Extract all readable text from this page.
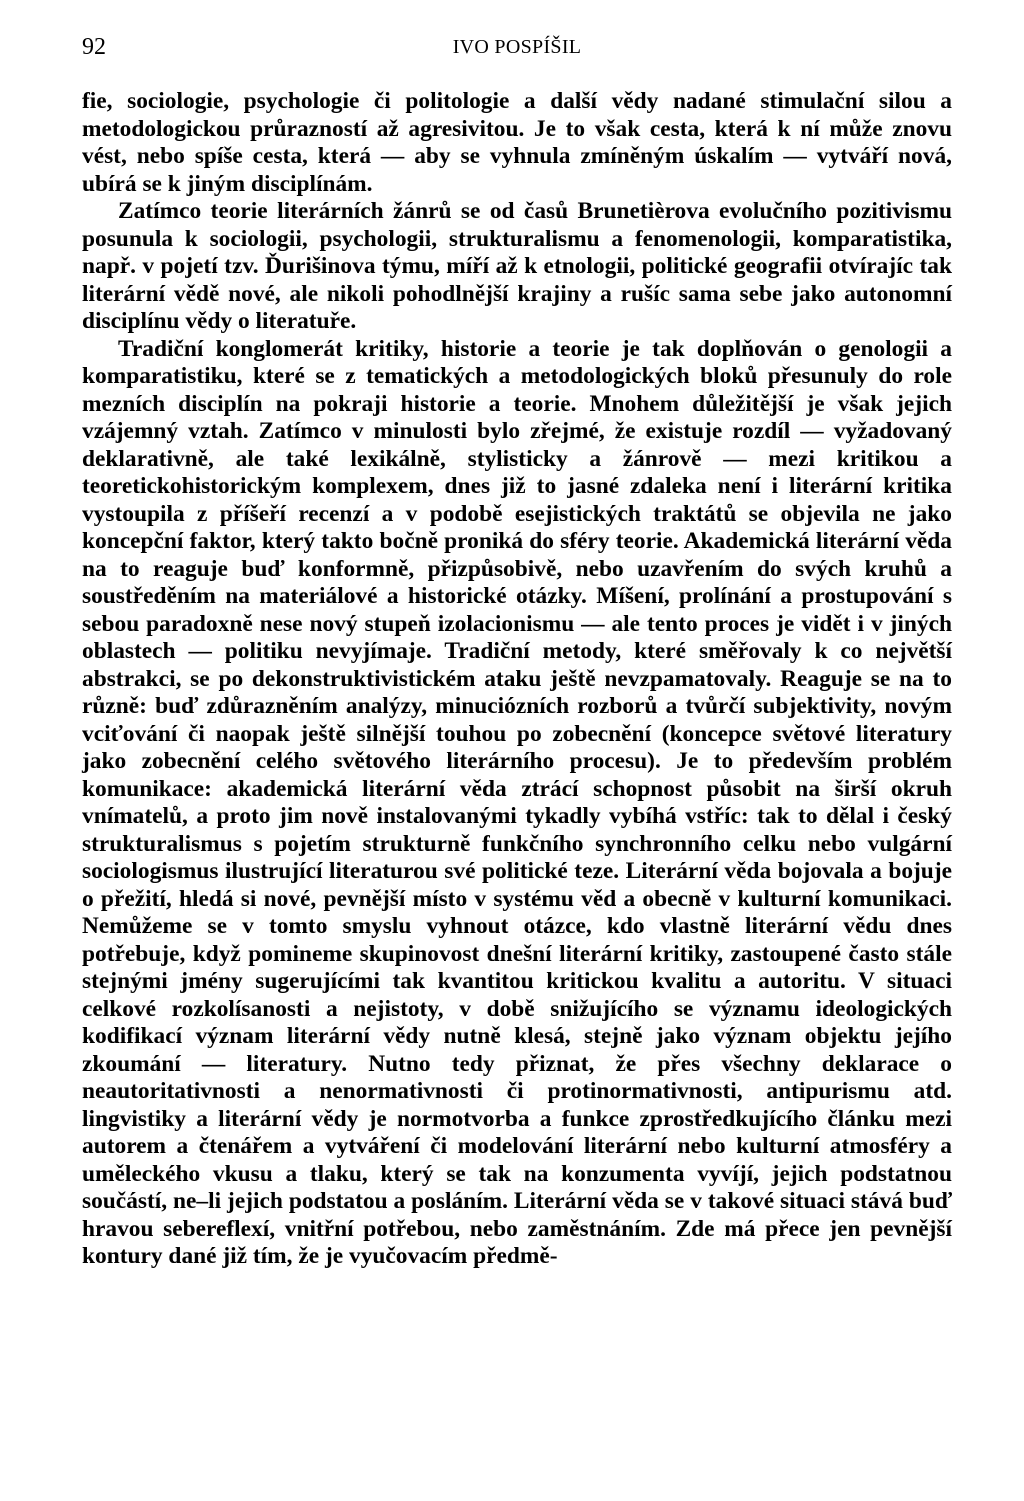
92	IVO POSPÍŠIL

fie, sociologie, psychologie či politologie a další vědy nadané stimulační silou a metodologickou průrazností až agresivitou. Je to však cesta, která k ní může znovu vést, nebo spíše cesta, která — aby se vyhnula zmíněným úskalím — vytváří nová, ubírá se k jiným disciplínám.

Zatímco teorie literárních žánrů se od časů Brunetièrova evolučního pozitivismu posunula k sociologii, psychologii, strukturalismu a fenomenologii, komparatistika, např. v pojetí tzv. Ďurišinova týmu, míří až k etnologii, politické geografii otvírajíc tak literární vědě nové, ale nikoli pohodlnější krajiny a rušíc sama sebe jako autonomní disciplínu vědy o literatuře.

Tradiční konglomerát kritiky, historie a teorie je tak doplňován o genologii a komparatistiku, které se z tematických a metodologických bloků přesunuly do role mezních disciplín na pokraji historie a teorie. Mnohem důležitější je však jejich vzájemný vztah. Zatímco v minulosti bylo zřejmé, že existuje rozdíl — vyžadovaný deklarativně, ale také lexikálně, stylisticky a žánrově — mezi kritikou a teoretickohistorickým komplexem, dnes již to jasné zdaleka není i literární kritika vystoupila z příšeří recenzí a v podobě esejistických traktátů se objevila ne jako koncepční faktor, který takto bočně proniká do sféry teorie. Akademická literární věda na to reaguje buď konformně, přizpůsobivě, nebo uzavřením do svých kruhů a soustředěním na materiálové a historické otázky. Míšení, prolínání a prostupování s sebou paradoxně nese nový stupeň izolacionismu — ale tento proces je vidět i v jiných oblastech — politiku nevyjímaje. Tradiční metody, které směřovaly k co největší abstrakci, se po dekonstruktivistickém ataku ještě nevzpamatovaly. Reaguje se na to různě: buď zdůrazněním analýzy, minuciózních rozborů a tvůrčí subjektivity, novým vciťování či naopak ještě silnější touhou po zobecnění (koncepce světové literatury jako zobecnění celého světového literárního procesu). Je to především problém komunikace: akademická literární věda ztrácí schopnost působit na širší okruh vnímatelů, a proto jim nově instalovanými tykadly vybíhá vstříc: tak to dělal i český strukturalismus s pojetím strukturně funkčního synchronního celku nebo vulgární sociologismus ilustrující literaturou své politické teze. Literární věda bojovala a bojuje o přežití, hledá si nové, pevnější místo v systému věd a obecně v kulturní komunikaci. Nemůžeme se v tomto smyslu vyhnout otázce, kdo vlastně literární vědu dnes potřebuje, když pomineme skupinovost dnešní literární kritiky, zastoupené často stále stejnými jmény sugerujícími tak kvantitou kritickou kvalitu a autoritu. V situaci celkové rozkolísanosti a nejistoty, v době snižujícího se významu ideologických kodifikací význam literární vědy nutně klesá, stejně jako význam objektu jejího zkoumání — literatury. Nutno tedy přiznat, že přes všechny deklarace o neautoritativnosti a nenormativnosti či protinormativnosti, antipurismu atd. lingvistiky a literární vědy je normotvorba a funkce zprostředkujícího článku mezi autorem a čtenářem a vytváření či modelování literární nebo kulturní atmosféry a uměleckého vkusu a tlaku, který se tak na konzumenta vyvíjí, jejich podstatnou součástí, ne–li jejich podstatou a posláním. Literární věda se v takové situaci stává buď hravou sebereflexí, vnitřní potřebou, nebo zaměstnáním. Zde má přece jen pevnější kontury dané již tím, že je vyučovacím předmě-
